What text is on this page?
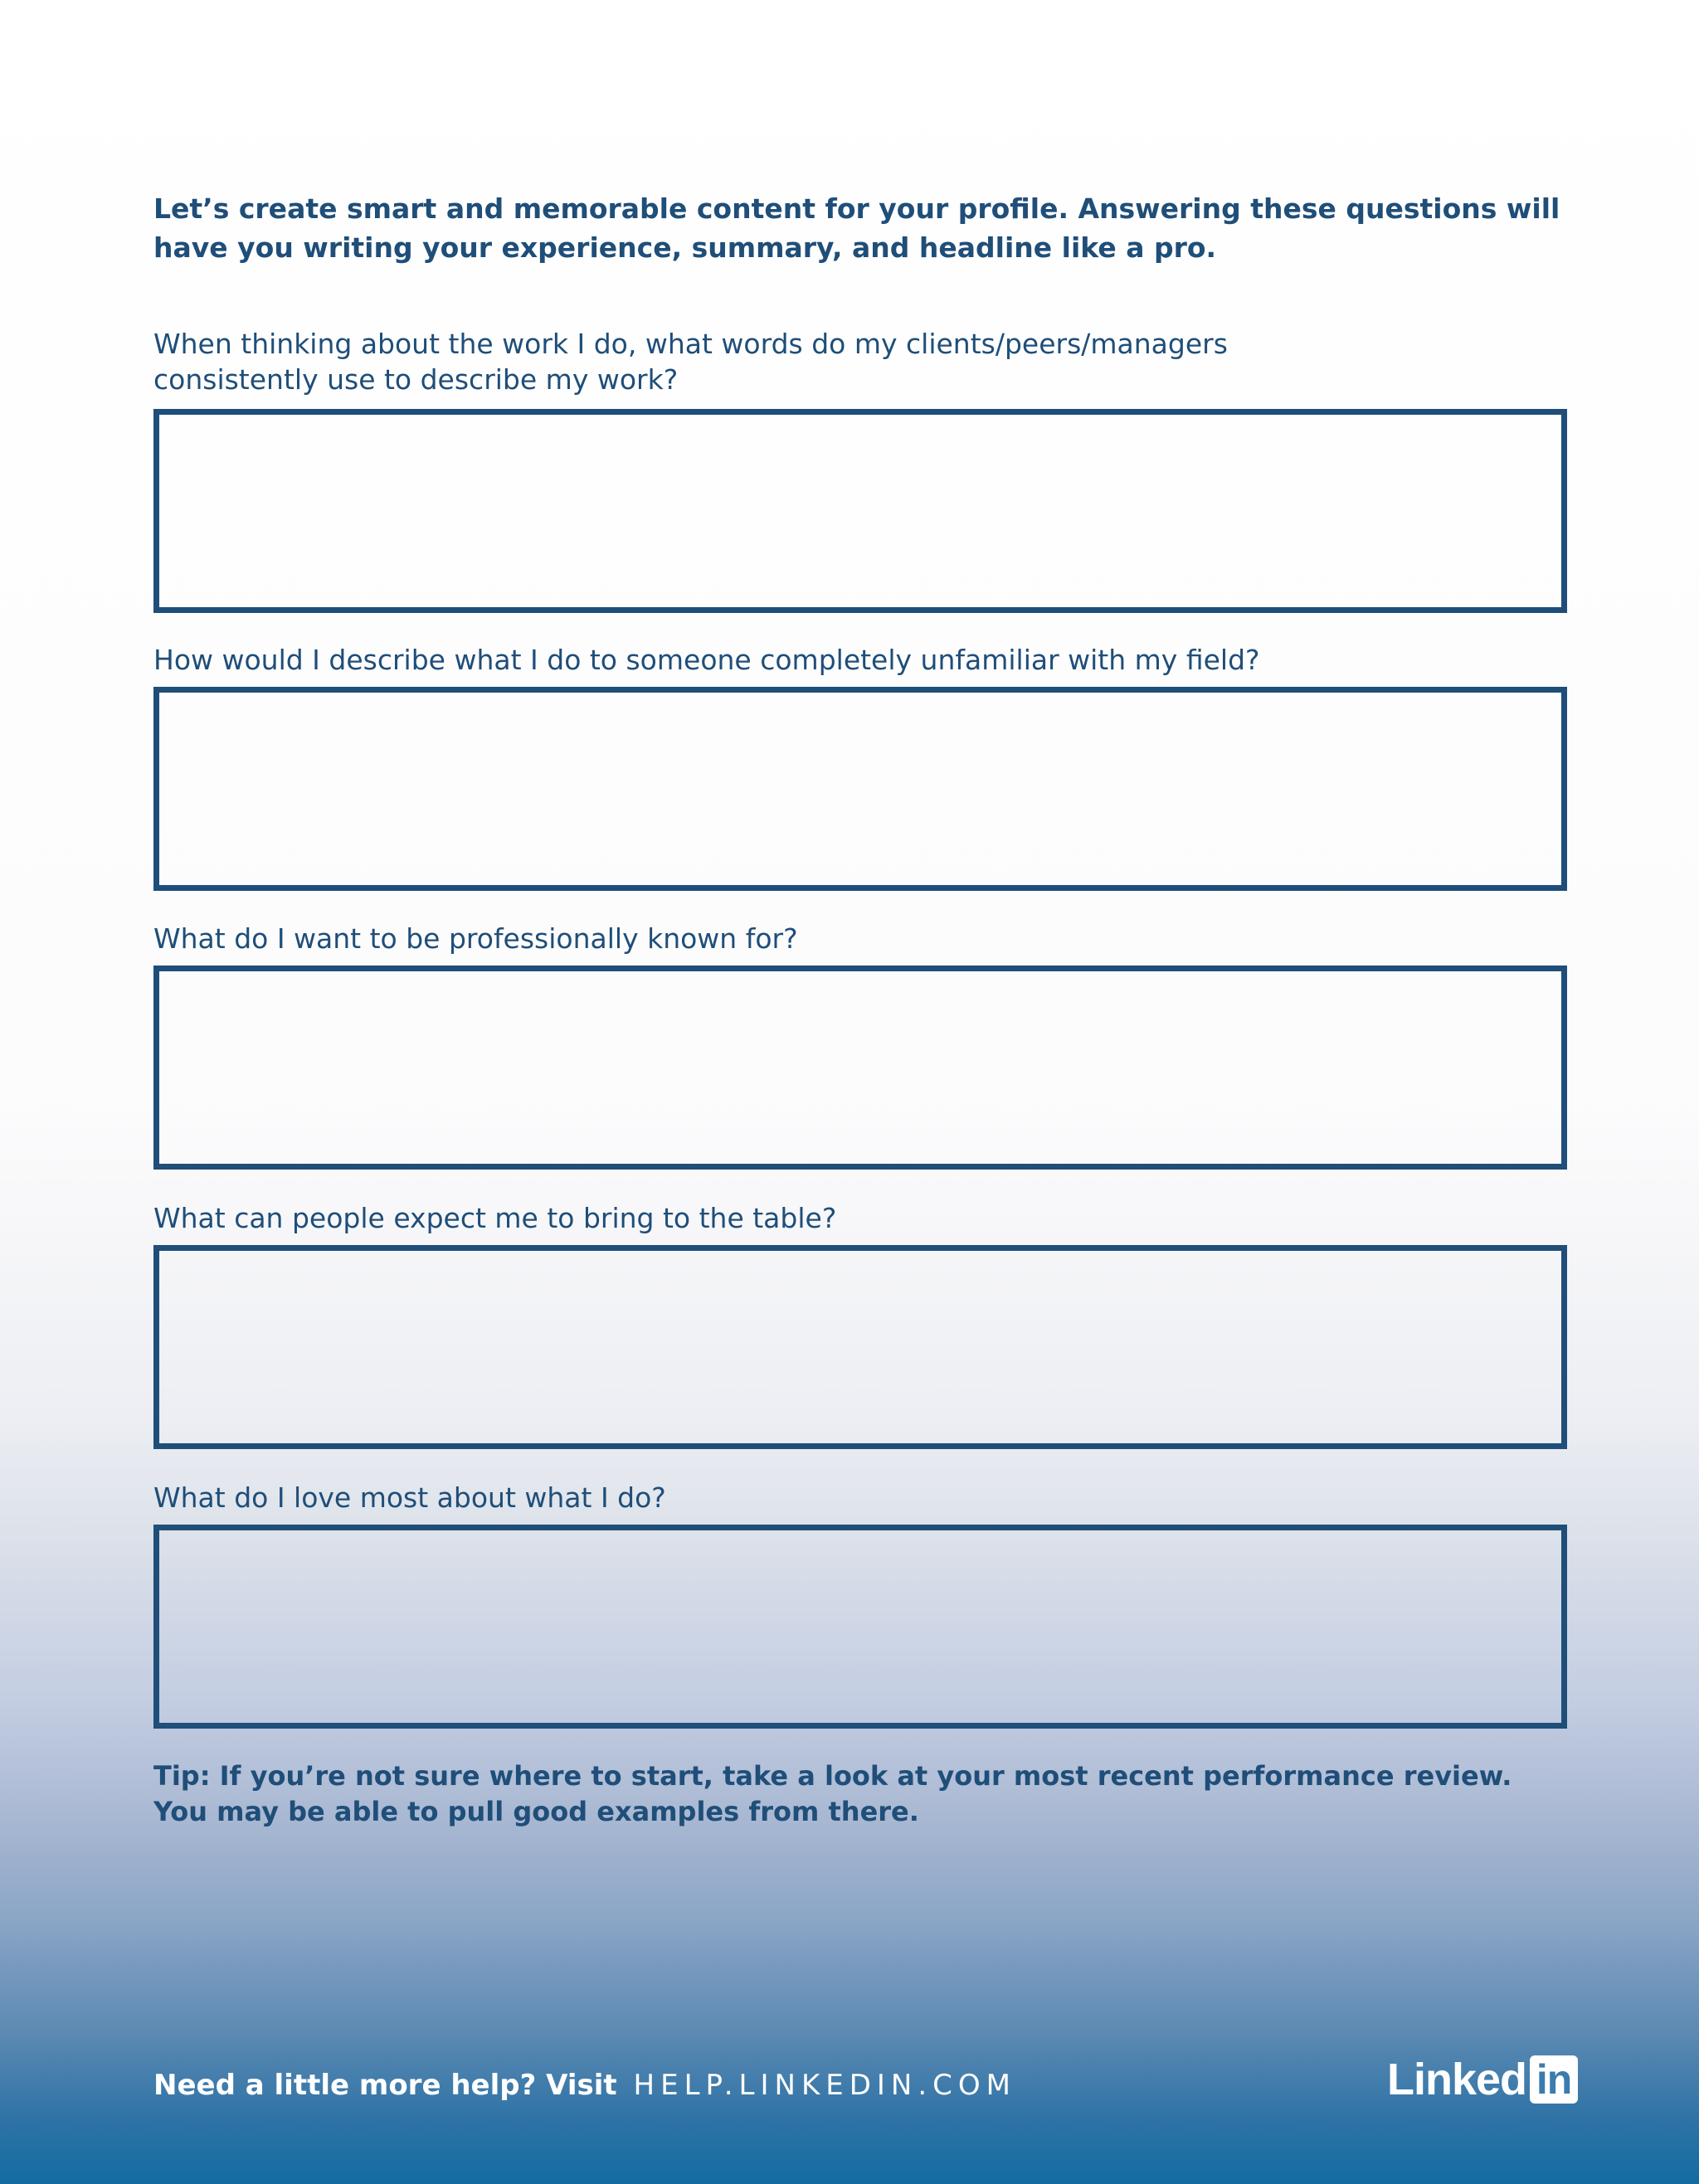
Let’s create smart and memorable content for your profile. Answering these questions will have you writing your experience, summary, and headline like a pro.

When thinking about the work I do, what words do my clients/peers/managers
consistently use to describe my work?

How would I describe what I do to someone completely unfamiliar with my field?

What do I want to be professionally known for?

What can people expect me to bring to the table?

What do I love most about what I do?

Tip: If you’re not sure where to start, take a look at your most recent performance review.
You may be able to pull good examples from there.

Need a little more help? Visit HELP.LINKEDIN.COM	Linked in
